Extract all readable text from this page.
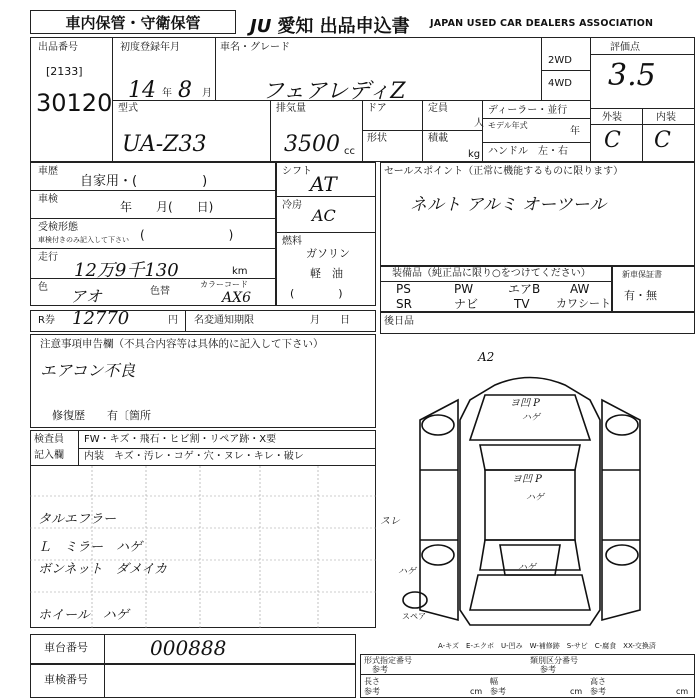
車内保管・守衛保管	JU 愛知 出品申込書 JAPAN USED CAR DEALERS ASSOCIATION
出品番号
[2133]
30120
初度登録年月
14 年 8 月
車名・グレード
フェアレディZ
2WD
4WD
評価点
3.5
外装	内装
C C
型式
UA-Z33
排気量
3500 cc
ドア	定員
人
形状	積載
kg
ディーラー・並行
モデル年式
年
ハンドル　左・右
車歴
自家用・(　　　　　)
車検
年　　月(　　日)
受検形態
車検付きのみ記入して下さい (　　　　　　　)
走行
12万9千130	km
色 アオ	色替
カラーコード
AX6
シフト
AT
冷房
AC
燃料
ガソリン
軽　油
(　　　　)
セールスポイント（正常に機能するものに限ります）
ネルト アルミ オーツール
装備品（純正品に限り○をつけてください）
PS	PW	エアB AW
SR	ナビ	TV カワシート
新車保証書
有・無
R券 12770	円 名変通知期限	月　　日	後日品
注意事項申告欄（不具合内容等は具体的に記入して下さい）
エアコン不良
修復歴　　有〔箇所
検査員
記入欄
FW・キズ・飛石・ヒビ割・リペア跡・X要
内装　キズ・汚レ・コゲ・穴・ヌレ・キレ・破レ
タルエフラー
Ｌ　ミラー　ハゲ
ボンネット　ダメイカ
ホイール　ハゲ
A2
ヨ凹 P
ハゲ
ヨ凹 P
ハゲ
スレ
ハゲ
ハゲ
スペア
A-キズ　E-エクボ　U-凹み　W-補修跡　S-サビ　C-腐食　XX-交換済
車台番号	000888
車検番号
形式指定番号
参考
類別区分番号
参考
長さ
参考	cm
幅
参考	cm
高さ
参考	cm
